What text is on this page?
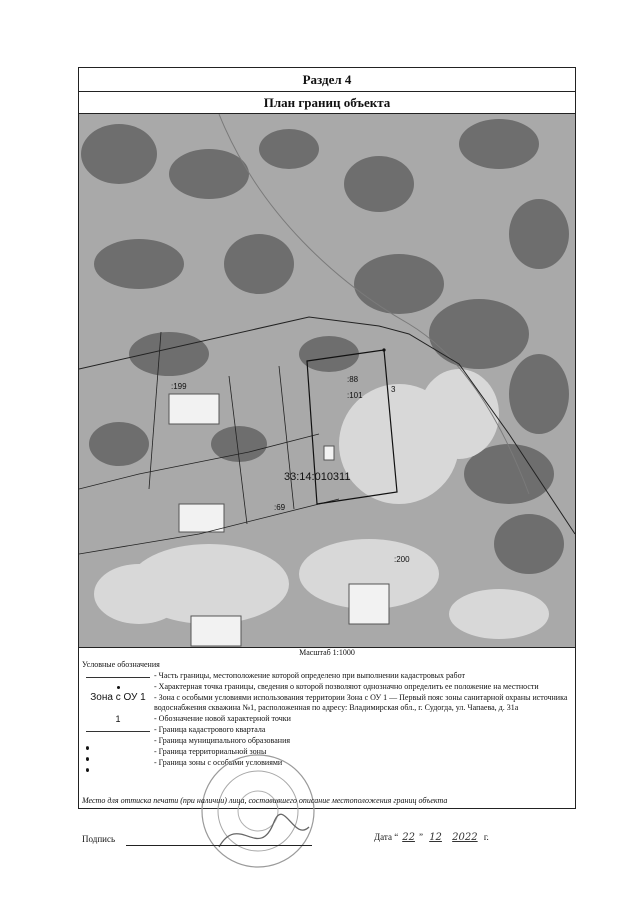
Раздел 4
План границ объекта
33:14:010311
:199
:88
:101
:69
:200
3
Масштаб 1:1000
Условные обозначения
- Часть границы, местоположение которой определено при выполнении кадастровых работ
- Характерная точка границы, сведения о которой позволяют однозначно определить ее положение на местности
Зона с ОУ 1	- Зона с особыми условиями использования территории Зона с ОУ 1 — Первый пояс зоны санитарной охраны источника водоснабжения скважина №1, расположенная по адресу: Владимирская обл., г. Судогда, ул. Чапаева, д. 31а
1	- Обозначение новой характерной точки
- Граница кадастрового квартала
- Граница муниципального образования
- Граница территориальной зоны
- Граница зоны с особыми условиями
Место для оттиска печати (при наличии) лица, составившего описание местоположения границ объекта
Подпись	Дата “ 22 ” 12 2022 г.
